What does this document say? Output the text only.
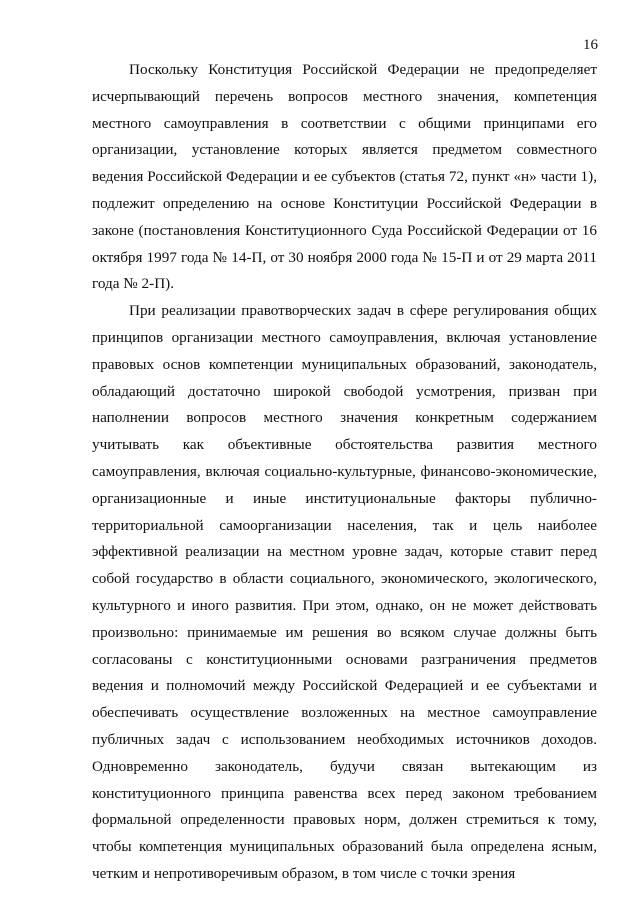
16

Поскольку Конституция Российской Федерации не предопределяет исчерпывающий перечень вопросов местного значения, компетенция местного самоуправления в соответствии с общими принципами его организации, установление которых является предметом совместного ведения Российской Федерации и ее субъектов (статья 72, пункт «н» части 1), подлежит определению на основе Конституции Российской Федерации в законе (постановления Конституционного Суда Российской Федерации от 16 октября 1997 года № 14-П, от 30 ноября 2000 года № 15-П и от 29 марта 2011 года № 2-П).

При реализации правотворческих задач в сфере регулирования общих принципов организации местного самоуправления, включая установление правовых основ компетенции муниципальных образований, законодатель, обладающий достаточно широкой свободой усмотрения, призван при наполнении вопросов местного значения конкретным содержанием учитывать как объективные обстоятельства развития местного самоуправления, включая социально-культурные, финансово-экономические, организационные и иные институциональные факторы публично-территориальной самоорганизации населения, так и цель наиболее эффективной реализации на местном уровне задач, которые ставит перед собой государство в области социального, экономического, экологического, культурного и иного развития. При этом, однако, он не может действовать произвольно: принимаемые им решения во всяком случае должны быть согласованы с конституционными основами разграничения предметов ведения и полномочий между Российской Федерацией и ее субъектами и обеспечивать осуществление возложенных на местное самоуправление публичных задач с использованием необходимых источников доходов. Одновременно законодатель, будучи связан вытекающим из конституционного принципа равенства всех перед законом требованием формальной определенности правовых норм, должен стремиться к тому, чтобы компетенция муниципальных образований была определена ясным, четким и непротиворечивым образом, в том числе с точки зрения
